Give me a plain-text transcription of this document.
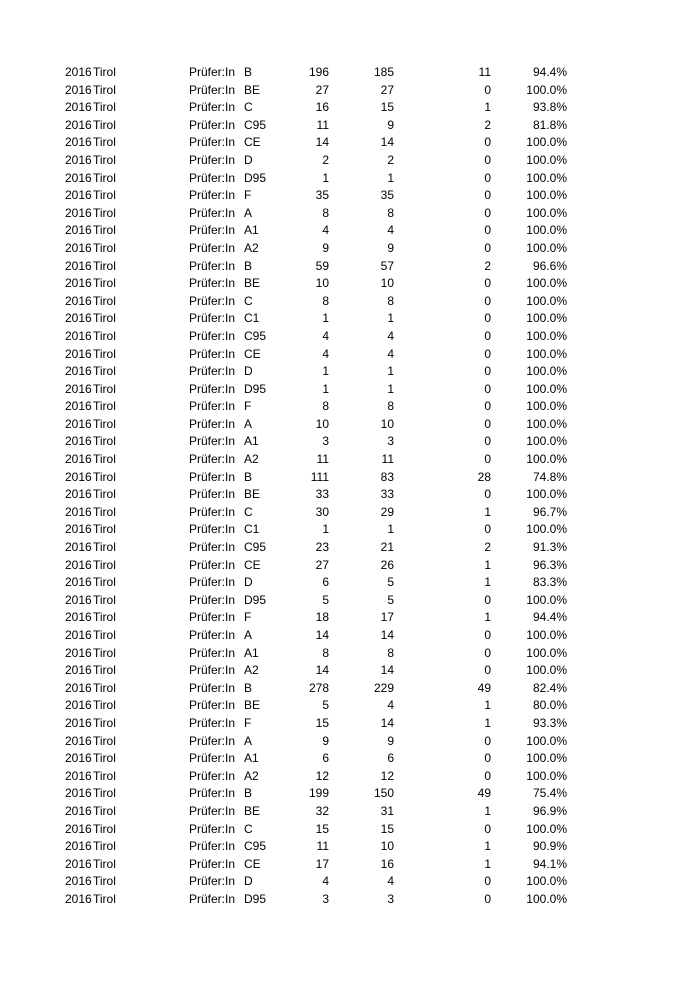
2016 Tirol	Prüfer:In B	196	185	11	94.4%
2016 Tirol	Prüfer:In BE	27	27	0	100.0%
2016 Tirol	Prüfer:In C	16	15	1	93.8%
2016 Tirol	Prüfer:In C95	11	9	2	81.8%
2016 Tirol	Prüfer:In CE	14	14	0	100.0%
2016 Tirol	Prüfer:In D	2	2	0	100.0%
2016 Tirol	Prüfer:In D95	1	1	0	100.0%
2016 Tirol	Prüfer:In F	35	35	0	100.0%
2016 Tirol	Prüfer:In A	8	8	0	100.0%
2016 Tirol	Prüfer:In A1	4	4	0	100.0%
2016 Tirol	Prüfer:In A2	9	9	0	100.0%
2016 Tirol	Prüfer:In B	59	57	2	96.6%
2016 Tirol	Prüfer:In BE	10	10	0	100.0%
2016 Tirol	Prüfer:In C	8	8	0	100.0%
2016 Tirol	Prüfer:In C1	1	1	0	100.0%
2016 Tirol	Prüfer:In C95	4	4	0	100.0%
2016 Tirol	Prüfer:In CE	4	4	0	100.0%
2016 Tirol	Prüfer:In D	1	1	0	100.0%
2016 Tirol	Prüfer:In D95	1	1	0	100.0%
2016 Tirol	Prüfer:In F	8	8	0	100.0%
2016 Tirol	Prüfer:In A	10	10	0	100.0%
2016 Tirol	Prüfer:In A1	3	3	0	100.0%
2016 Tirol	Prüfer:In A2	11	11	0	100.0%
2016 Tirol	Prüfer:In B	111	83	28	74.8%
2016 Tirol	Prüfer:In BE	33	33	0	100.0%
2016 Tirol	Prüfer:In C	30	29	1	96.7%
2016 Tirol	Prüfer:In C1	1	1	0	100.0%
2016 Tirol	Prüfer:In C95	23	21	2	91.3%
2016 Tirol	Prüfer:In CE	27	26	1	96.3%
2016 Tirol	Prüfer:In D	6	5	1	83.3%
2016 Tirol	Prüfer:In D95	5	5	0	100.0%
2016 Tirol	Prüfer:In F	18	17	1	94.4%
2016 Tirol	Prüfer:In A	14	14	0	100.0%
2016 Tirol	Prüfer:In A1	8	8	0	100.0%
2016 Tirol	Prüfer:In A2	14	14	0	100.0%
2016 Tirol	Prüfer:In B	278	229	49	82.4%
2016 Tirol	Prüfer:In BE	5	4	1	80.0%
2016 Tirol	Prüfer:In F	15	14	1	93.3%
2016 Tirol	Prüfer:In A	9	9	0	100.0%
2016 Tirol	Prüfer:In A1	6	6	0	100.0%
2016 Tirol	Prüfer:In A2	12	12	0	100.0%
2016 Tirol	Prüfer:In B	199	150	49	75.4%
2016 Tirol	Prüfer:In BE	32	31	1	96.9%
2016 Tirol	Prüfer:In C	15	15	0	100.0%
2016 Tirol	Prüfer:In C95	11	10	1	90.9%
2016 Tirol	Prüfer:In CE	17	16	1	94.1%
2016 Tirol	Prüfer:In D	4	4	0	100.0%
2016 Tirol	Prüfer:In D95	3	3	0	100.0%
